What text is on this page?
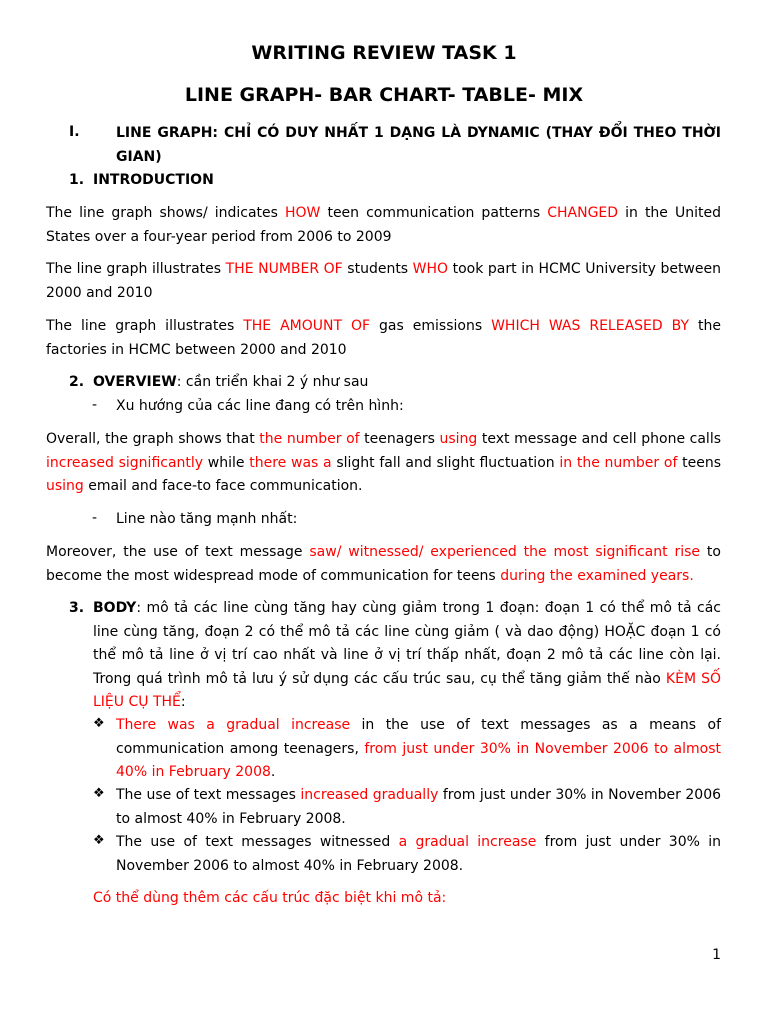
WRITING REVIEW TASK 1
LINE GRAPH- BAR CHART- TABLE- MIX
I.	LINE GRAPH: CHỈ CÓ DUY NHẤT 1 DẠNG LÀ DYNAMIC (THAY ĐỔI THEO THỜI GIAN)
1. INTRODUCTION
The line graph shows/ indicates HOW teen communication patterns CHANGED in the United States over a four-year period from 2006 to 2009
The line graph illustrates THE NUMBER OF students WHO took part in HCMC University between 2000 and 2010
The line graph illustrates THE AMOUNT OF gas emissions WHICH WAS RELEASED BY the factories in HCMC between 2000 and 2010
2. OVERVIEW: cần triển khai 2 ý như sau
- Xu hướng của các line đang có trên hình:
Overall, the graph shows that the number of teenagers using text message and cell phone calls increased significantly while there was a slight fall and slight fluctuation in the number of teens using email and face-to face communication.
- Line nào tăng mạnh nhất:
Moreover, the use of text message saw/ witnessed/ experienced the most significant rise to become the most widespread mode of communication for teens during the examined years.
3. BODY: mô tả các line cùng tăng hay cùng giảm trong 1 đoạn: đoạn 1 có thể mô tả các line cùng tăng, đoạn 2 có thể mô tả các line cùng giảm ( và dao động) HOẶC đoạn 1 có thể mô tả line ở vị trí cao nhất và line ở vị trí thấp nhất, đoạn 2 mô tả các line còn lại. Trong quá trình mô tả lưu ý sử dụng các cấu trúc sau, cụ thể tăng giảm thế nào KÈM SỐ LIỆU CỤ THỂ:
❖ There was a gradual increase in the use of text messages as a means of communication among teenagers, from just under 30% in November 2006 to almost 40% in February 2008.
❖ The use of text messages increased gradually from just under 30% in November 2006 to almost 40% in February 2008.
❖ The use of text messages witnessed a gradual increase from just under 30% in November 2006 to almost 40% in February 2008.
Có thể dùng thêm các cấu trúc đặc biệt khi mô tả:
1
